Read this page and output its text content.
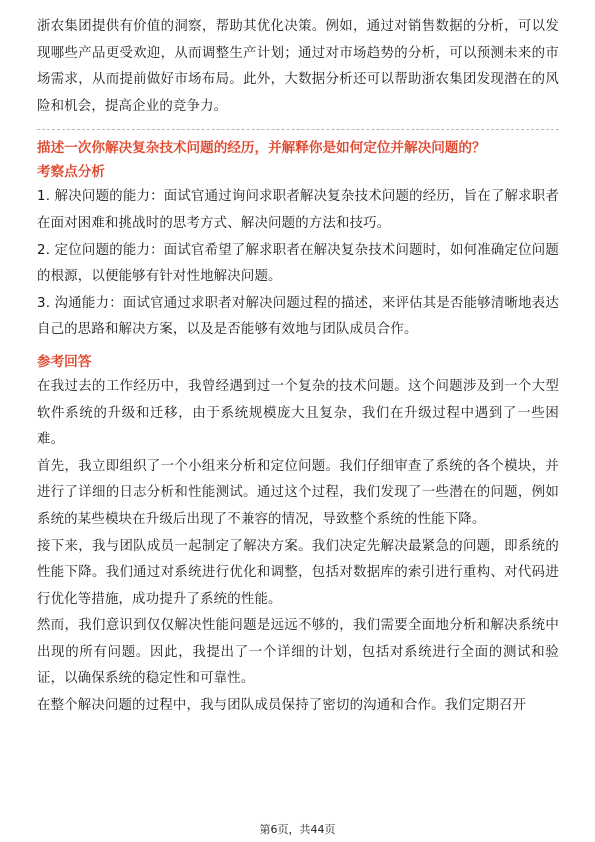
浙农集团提供有价值的洞察，帮助其优化决策。例如，通过对销售数据的分析，可以发现哪些产品更受欢迎，从而调整生产计划；通过对市场趋势的分析，可以预测未来的市场需求，从而提前做好市场布局。此外，大数据分析还可以帮助浙农集团发现潜在的风险和机会，提高企业的竞争力。

描述一次你解决复杂技术问题的经历，并解释你是如何定位并解决问题的？
考察点分析

1. 解决问题的能力：面试官通过询问求职者解决复杂技术问题的经历，旨在了解求职者在面对困难和挑战时的思考方式、解决问题的方法和技巧。

2. 定位问题的能力：面试官希望了解求职者在解决复杂技术问题时，如何准确定位问题的根源，以便能够有针对性地解决问题。

3. 沟通能力：面试官通过求职者对解决问题过程的描述，来评估其是否能够清晰地表达自己的思路和解决方案，以及是否能够有效地与团队成员合作。

参考回答

在我过去的工作经历中，我曾经遇到过一个复杂的技术问题。这个问题涉及到一个大型软件系统的升级和迁移，由于系统规模庞大且复杂，我们在升级过程中遇到了一些困难。

首先，我立即组织了一个小组来分析和定位问题。我们仔细审查了系统的各个模块，并进行了详细的日志分析和性能测试。通过这个过程，我们发现了一些潜在的问题，例如系统的某些模块在升级后出现了不兼容的情况，导致整个系统的性能下降。

接下来，我与团队成员一起制定了解决方案。我们决定先解决最紧急的问题，即系统的性能下降。我们通过对系统进行优化和调整，包括对数据库的索引进行重构、对代码进行优化等措施，成功提升了系统的性能。

然而，我们意识到仅仅解决性能问题是远远不够的，我们需要全面地分析和解决系统中出现的所有问题。因此，我提出了一个详细的计划，包括对系统进行全面的测试和验证，以确保系统的稳定性和可靠性。

在整个解决问题的过程中，我与团队成员保持了密切的沟通和合作。我们定期召开

第6页，共44页
